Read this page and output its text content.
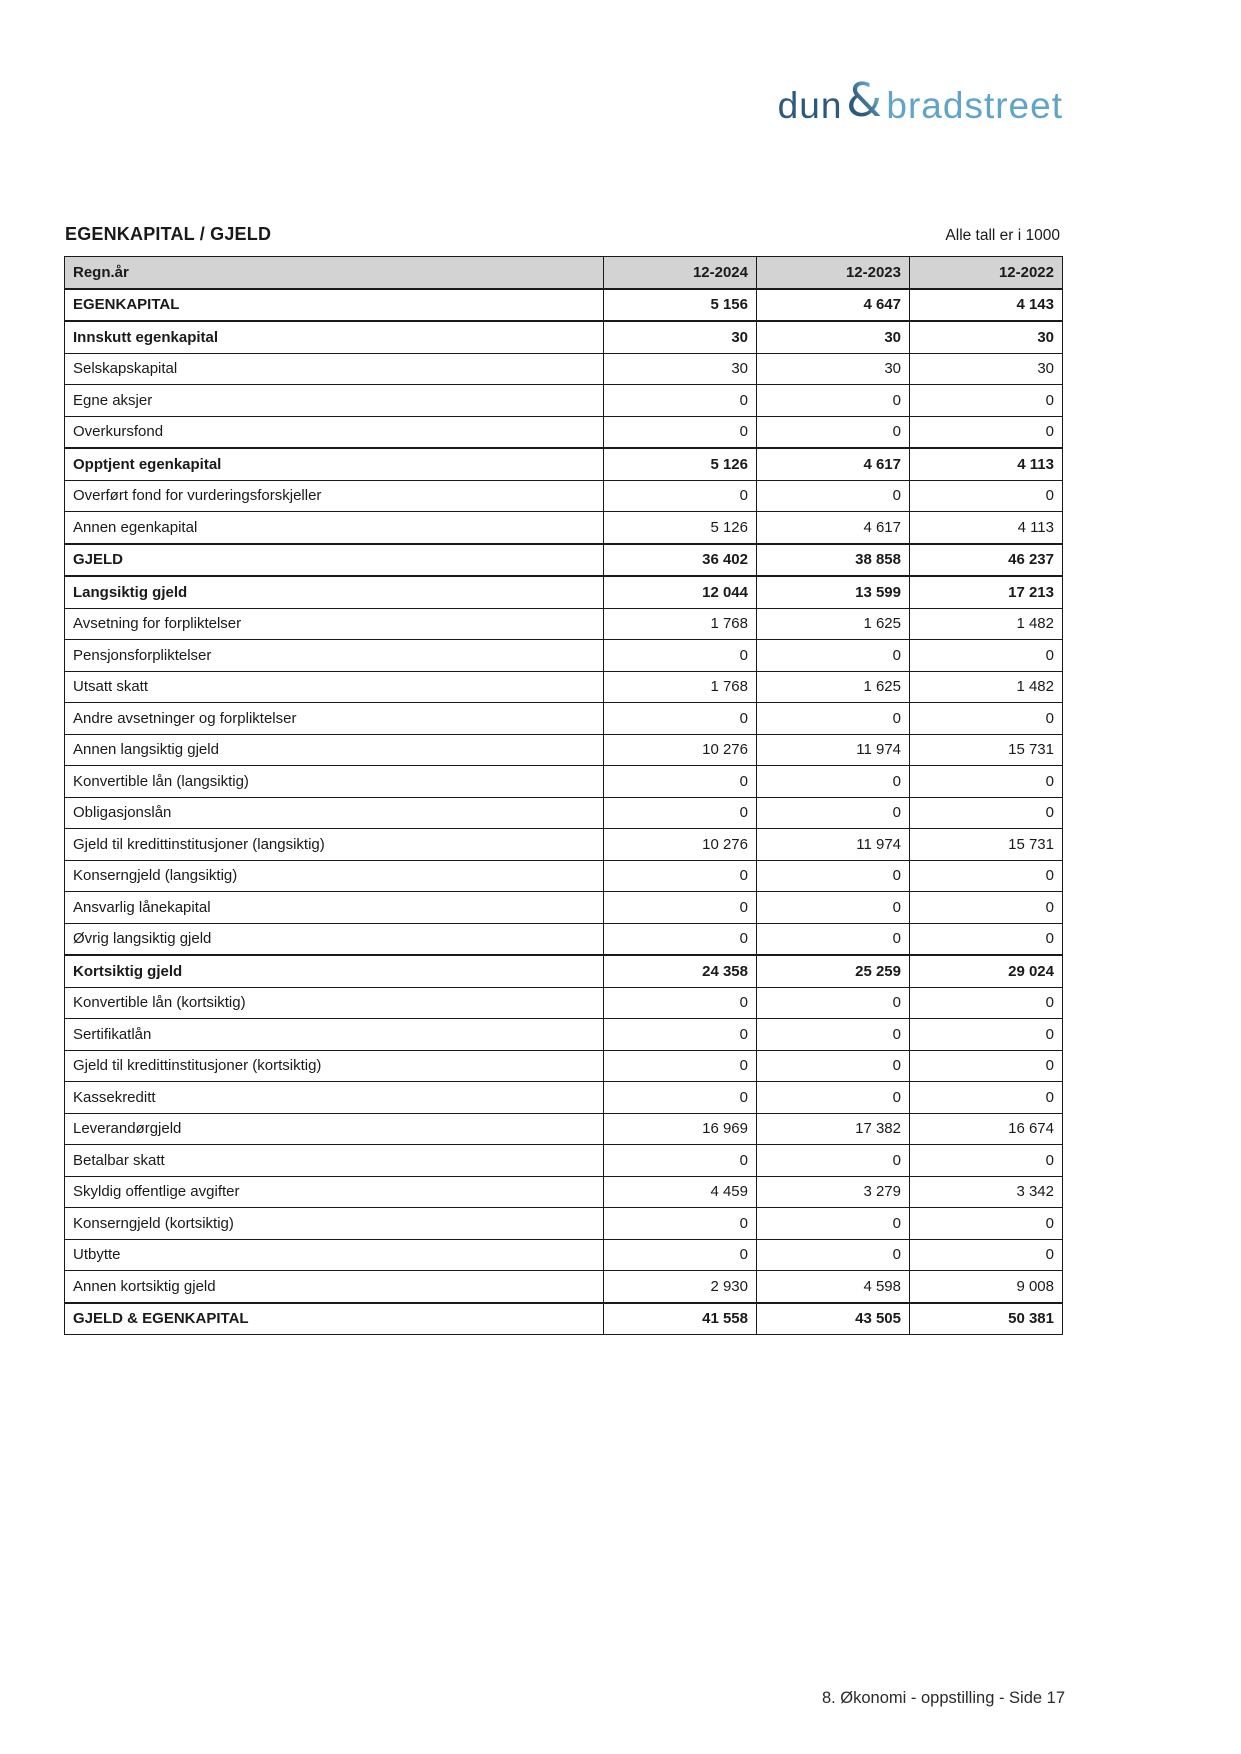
dun & bradstreet
EGENKAPITAL / GJELD	Alle tall er i 1000
Regn.år	12-2024	12-2023	12-2022
EGENKAPITAL	5 156	4 647	4 143
Innskutt egenkapital	30	30	30
Selskapskapital	30	30	30
Egne aksjer	0	0	0
Overkursfond	0	0	0
Opptjent egenkapital	5 126	4 617	4 113
Overført fond for vurderingsforskjeller	0	0	0
Annen egenkapital	5 126	4 617	4 113
GJELD	36 402	38 858	46 237
Langsiktig gjeld	12 044	13 599	17 213
Avsetning for forpliktelser	1 768	1 625	1 482
Pensjonsforpliktelser	0	0	0
Utsatt skatt	1 768	1 625	1 482
Andre avsetninger og forpliktelser	0	0	0
Annen langsiktig gjeld	10 276	11 974	15 731
Konvertible lån (langsiktig)	0	0	0
Obligasjonslån	0	0	0
Gjeld til kredittinstitusjoner (langsiktig)	10 276	11 974	15 731
Konserngjeld (langsiktig)	0	0	0
Ansvarlig lånekapital	0	0	0
Øvrig langsiktig gjeld	0	0	0
Kortsiktig gjeld	24 358	25 259	29 024
Konvertible lån (kortsiktig)	0	0	0
Sertifikatlån	0	0	0
Gjeld til kredittinstitusjoner (kortsiktig)	0	0	0
Kassekreditt	0	0	0
Leverandørgjeld	16 969	17 382	16 674
Betalbar skatt	0	0	0
Skyldig offentlige avgifter	4 459	3 279	3 342
Konserngjeld (kortsiktig)	0	0	0
Utbytte	0	0	0
Annen kortsiktig gjeld	2 930	4 598	9 008
GJELD & EGENKAPITAL	41 558	43 505	50 381
8. Økonomi - oppstilling - Side 17
